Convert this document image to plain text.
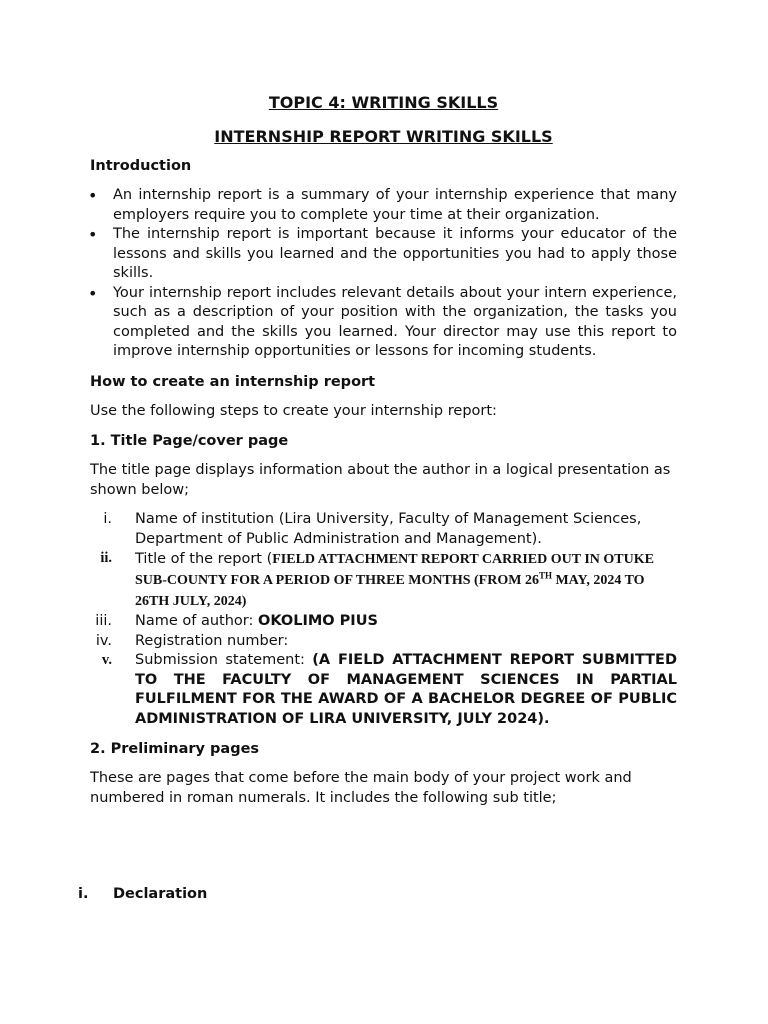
TOPIC 4: WRITING SKILLS
INTERNSHIP REPORT WRITING SKILLS

Introduction

• An internship report is a summary of your internship experience that many employers require you to complete your time at their organization.
• The internship report is important because it informs your educator of the lessons and skills you learned and the opportunities you had to apply those skills.
• Your internship report includes relevant details about your intern experience, such as a description of your position with the organization, the tasks you completed and the skills you learned. Your director may use this report to improve internship opportunities or lessons for incoming students.

How to create an internship report

Use the following steps to create your internship report:

1. Title Page/cover page

The title page displays information about the author in a logical presentation as shown below;

i. Name of institution (Lira University, Faculty of Management Sciences, Department of Public Administration and Management).
ii. Title of the report (FIELD ATTACHMENT REPORT CARRIED OUT IN OTUKE SUB-COUNTY FOR A PERIOD OF THREE MONTHS (FROM 26TH MAY, 2024 TO 26TH JULY, 2024)
iii. Name of author: OKOLIMO PIUS
iv. Registration number:
v. Submission statement: (A FIELD ATTACHMENT REPORT SUBMITTED TO THE FACULTY OF MANAGEMENT SCIENCES IN PARTIAL FULFILMENT FOR THE AWARD OF A BACHELOR DEGREE OF PUBLIC ADMINISTRATION OF LIRA UNIVERSITY, JULY 2024).

2. Preliminary pages

These are pages that come before the main body of your project work and numbered in roman numerals. It includes the following sub title;

i. Declaration
